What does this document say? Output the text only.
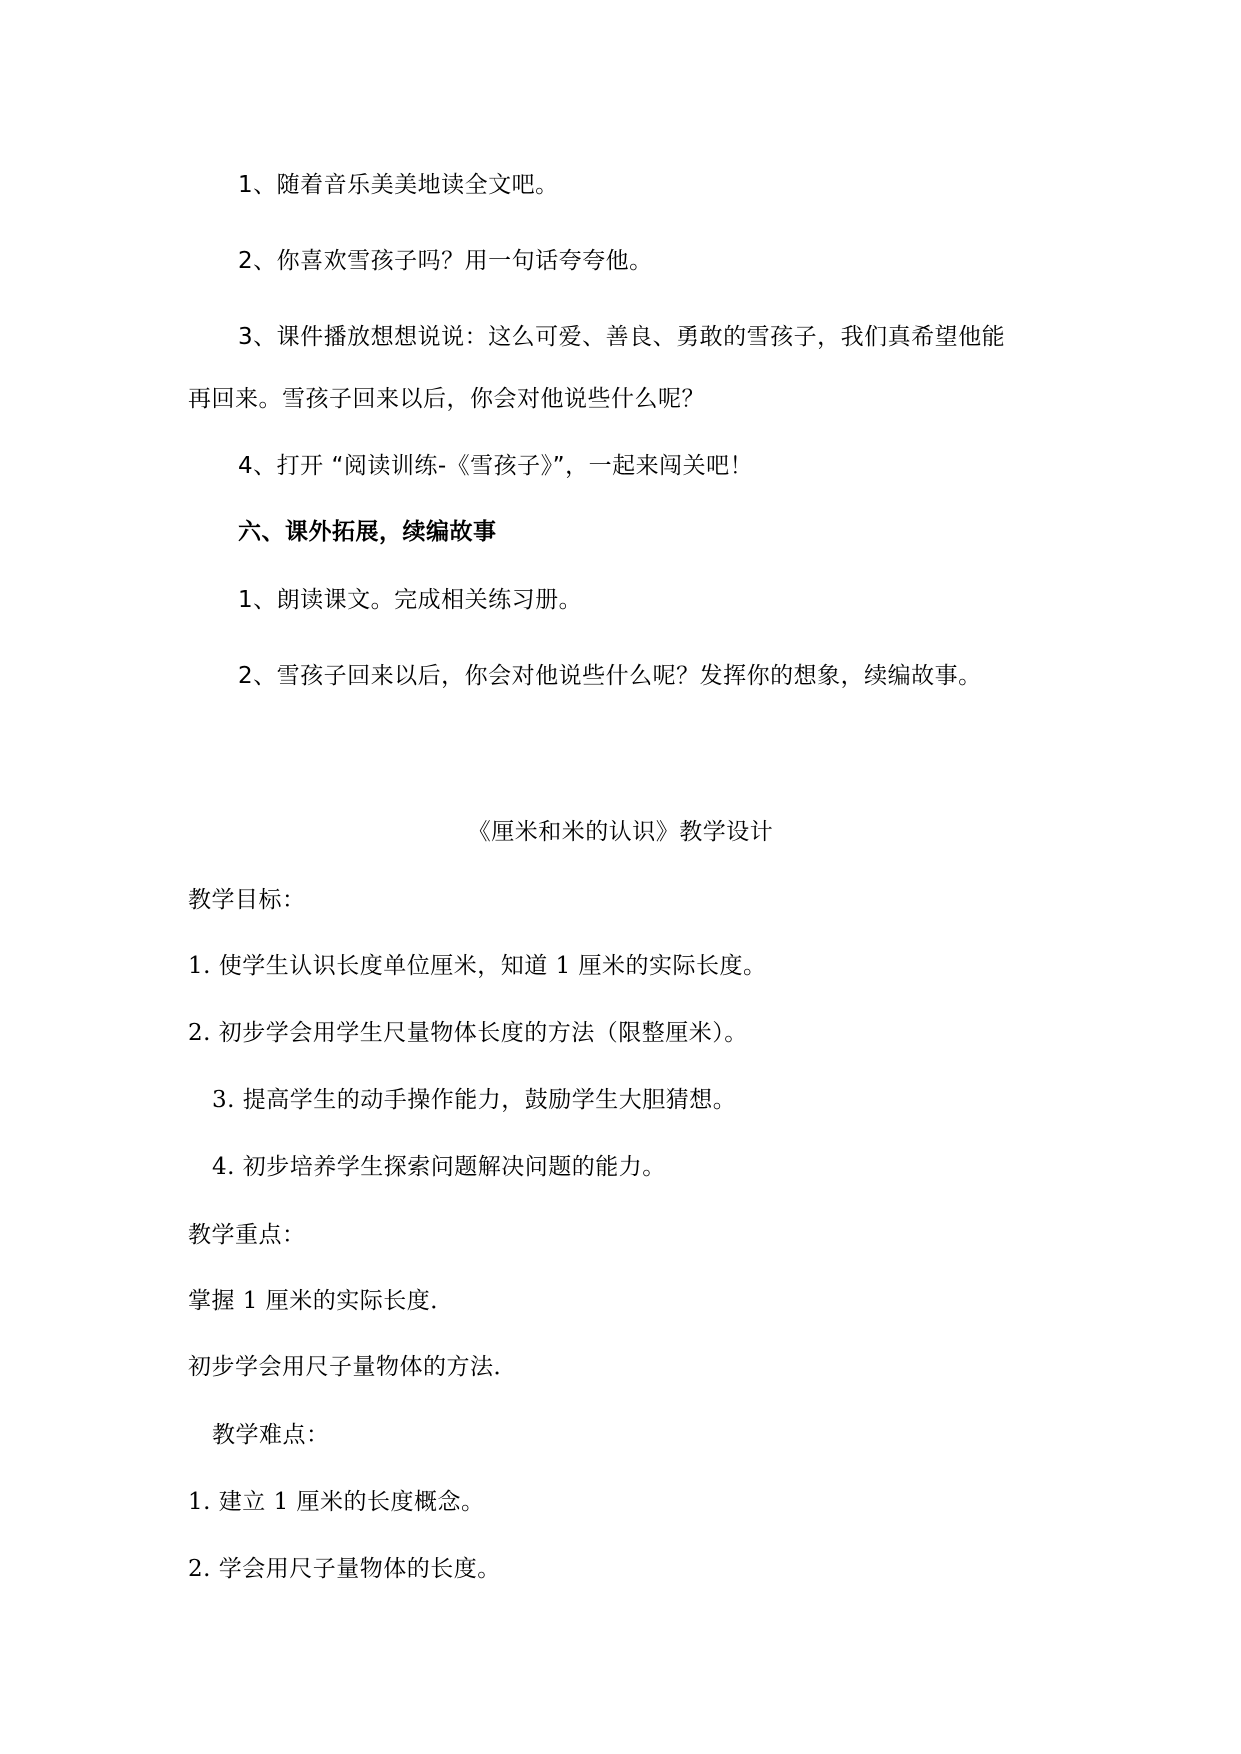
1、随着音乐美美地读全文吧。
2、你喜欢雪孩子吗？用一句话夸夸他。
3、课件播放想想说说：这么可爱、善良、勇敢的雪孩子，我们真希望他能
再回来。雪孩子回来以后，你会对他说些什么呢？
4、打开 “阅读训练-《雪孩子》”，一起来闯关吧！
六、课外拓展，续编故事
1、朗读课文。完成相关练习册。
2、雪孩子回来以后，你会对他说些什么呢？发挥你的想象，续编故事。
《厘米和米的认识》教学设计
教学目标：
1. 使学生认识长度单位厘米，知道 1 厘米的实际长度。
2. 初步学会用学生尺量物体长度的方法（限整厘米）。
3. 提高学生的动手操作能力，鼓励学生大胆猜想。
4. 初步培养学生探索问题解决问题的能力。
教学重点：
掌握 1 厘米的实际长度．
初步学会用尺子量物体的方法．
教学难点：
1. 建立 1 厘米的长度概念。
2. 学会用尺子量物体的长度。
